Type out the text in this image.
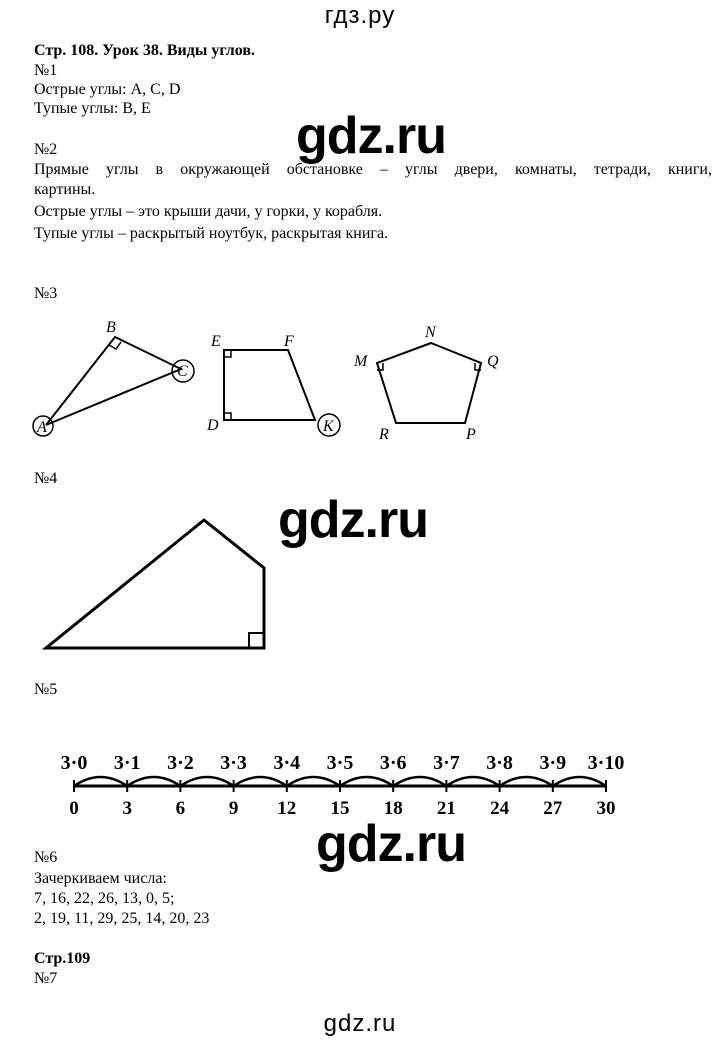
гдз.ру
Стр. 108. Урок 38. Виды углов.
№1
Острые углы: A, C, D
Тупые углы: B, E	gdz.ru
№2
Прямые углы в окружающей обстановке – углы двери, комнаты, тетради, книги,
картины.
Острые углы – это крыши дачи, у горки, у корабля.
Тупые углы – раскрытый ноутбук, раскрытая книга.
№3
B
C
A
E	F
D	K
N
M	Q
R	P
№4
gdz.ru
№5
0
3·0
3
3·1
6
3·2
9
3·3
12
3·4
15
3·5
18
3·6
21
3·7
24
3·8
27
3·9
30
3·10
№6	gdz.ru
Зачеркиваем числа:
7, 16, 22, 26, 13, 0, 5;
2, 19, 11, 29, 25, 14, 20, 23
Стр.109
№7
gdz.ru
